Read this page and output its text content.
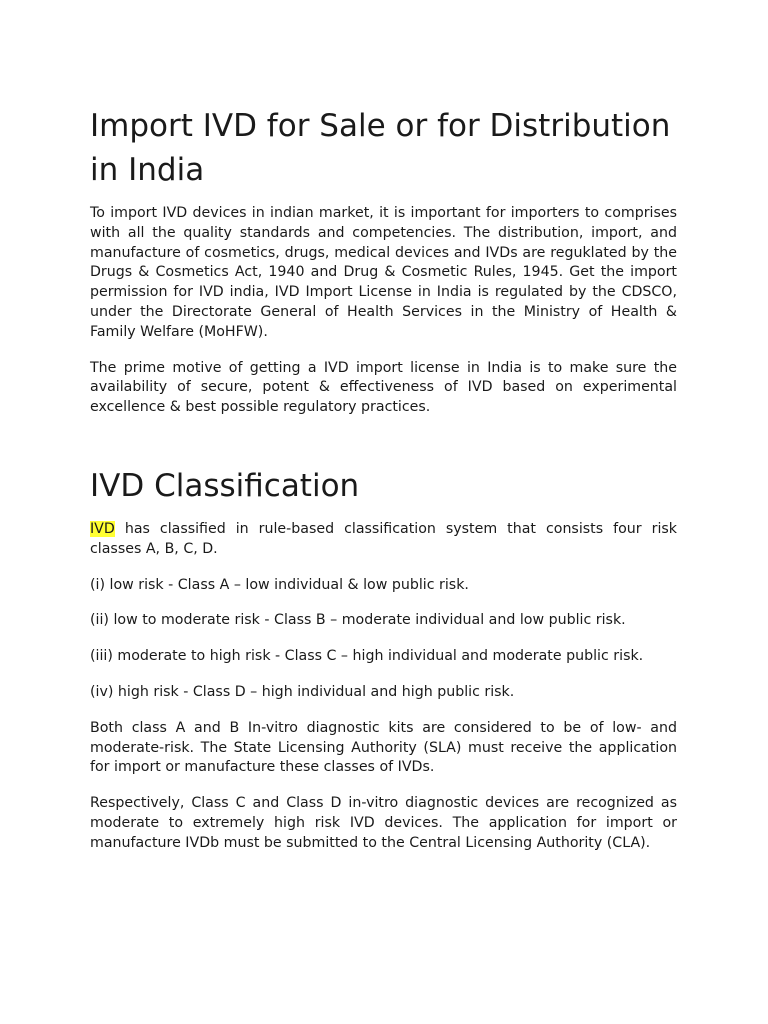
Import IVD for Sale or for Distribution in India

To import IVD devices in indian market, it is important for importers to comprises with all the quality standards and competencies. The distribution, import, and manufacture of cosmetics, drugs, medical devices and IVDs are reguklated by the Drugs & Cosmetics Act, 1940 and Drug & Cosmetic Rules, 1945. Get the import permission for IVD india, IVD Import License in India is regulated by the CDSCO, under the Directorate General of Health Services in the Ministry of Health & Family Welfare (MoHFW).

The prime motive of getting a IVD import license in India is to make sure the availability of secure, potent & effectiveness of IVD based on experimental excellence & best possible regulatory practices.

IVD Classification

IVD has classified in rule-based classification system that consists four risk classes A, B, C, D.

(i) low risk - Class A – low individual & low public risk.

(ii) low to moderate risk - Class B – moderate individual and low public risk.

(iii) moderate to high risk - Class C – high individual and moderate public risk.

(iv) high risk - Class D – high individual and high public risk.

Both class A and B In-vitro diagnostic kits are considered to be of low- and moderate-risk. The State Licensing Authority (SLA) must receive the application for import or manufacture these classes of IVDs.

Respectively, Class C and Class D in-vitro diagnostic devices are recognized as moderate to extremely high risk IVD devices. The application for import or manufacture IVDb must be submitted to the Central Licensing Authority (CLA).
